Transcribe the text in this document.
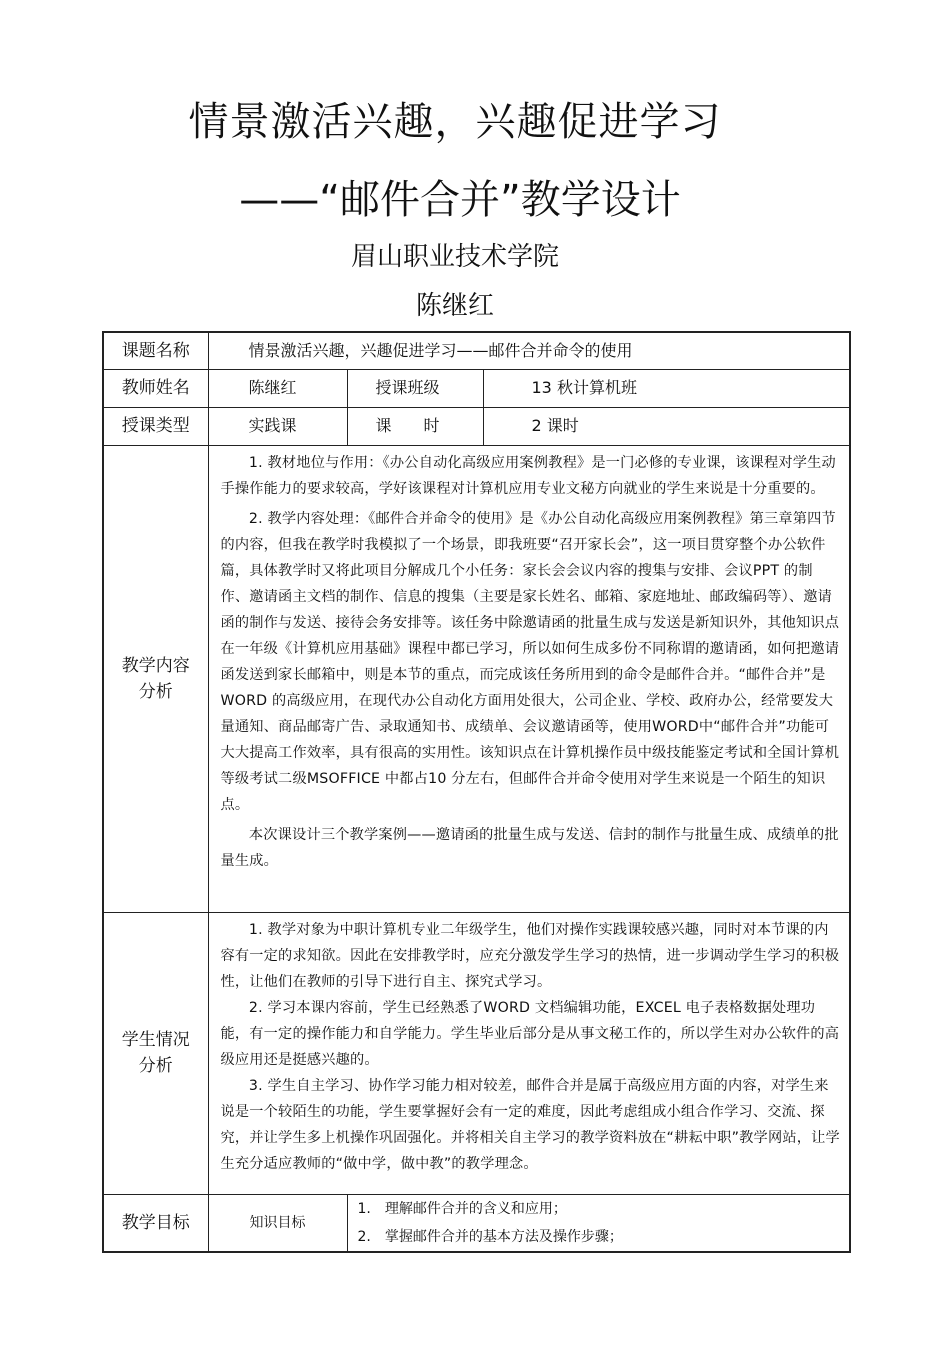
情景激活兴趣，兴趣促进学习
——“邮件合并”教学设计
眉山职业技术学院
陈继红
课题名称	情景激活兴趣，兴趣促进学习——邮件合并命令的使用		
教师姓名	陈继红	授课班级	13 秋计算机班
授课类型	实践课	课　　时	2 课时
教学内容分析	1. 教材地位与作用：《办公自动化高级应用案例教程》是一门必修的专业课，该课程对学生动手操作能力的要求较高，学好该课程对计算机应用专业文秘方向就业的学生来说是十分重要的。

2. 教学内容处理：《邮件合并命令的使用》是《办公自动化高级应用案例教程》第三章第四节的内容，但我在教学时我模拟了一个场景，即我班要“召开家长会”，这一项目贯穿整个办公软件篇，具体教学时又将此项目分解成几个小任务：家长会会议内容的搜集与安排、会议PPT 的制作、邀请函主文档的制作、信息的搜集（主要是家长姓名、邮箱、家庭地址、邮政编码等）、邀请函的制作与发送、接待会务安排等。该任务中除邀请函的批量生成与发送是新知识外，其他知识点在一年级《计算机应用基础》课程中都已学习，所以如何生成多份不同称谓的邀请函，如何把邀请函发送到家长邮箱中，则是本节的重点，而完成该任务所用到的命令是邮件合并。“邮件合并”是WORD 的高级应用，在现代办公自动化方面用处很大，公司企业、学校、政府办公，经常要发大量通知、商品邮寄广告、录取通知书、成绩单、会议邀请函等，使用WORD中“邮件合并”功能可大大提高工作效率，具有很高的实用性。该知识点在计算机操作员中级技能鉴定考试和全国计算机等级考试二级MSOFFICE 中都占10 分左右，但邮件合并命令使用对学生来说是一个陌生的知识点。

本次课设计三个教学案例——邀请函的批量生成与发送、信封的制作与批量生成、成绩单的批量生成。		

学生情况分析	1. 教学对象为中职计算机专业二年级学生，他们对操作实践课较感兴趣，同时对本节课的内容有一定的求知欲。因此在安排教学时，应充分激发学生学习的热情，进一步调动学生学习的积极性，让他们在教师的引导下进行自主、探究式学习。

2. 学习本课内容前，学生已经熟悉了WORD 文档编辑功能，EXCEL 电子表格数据处理功能，有一定的操作能力和自学能力。学生毕业后部分是从事文秘工作的，所以学生对办公软件的高级应用还是挺感兴趣的。

3. 学生自主学习、协作学习能力相对较差，邮件合并是属于高级应用方面的内容，对学生来说是一个较陌生的功能，学生要掌握好会有一定的难度，因此考虑组成小组合作学习、交流、探究，并让学生多上机操作巩固强化。并将相关自主学习的教学资料放在“耕耘中职”教学网站，让学生充分适应教师的“做中学，做中教”的教学理念。		

教学目标	知识目标	1.　理解邮件合并的含义和应用；
2.　掌握邮件合并的基本方法及操作步骤；	
